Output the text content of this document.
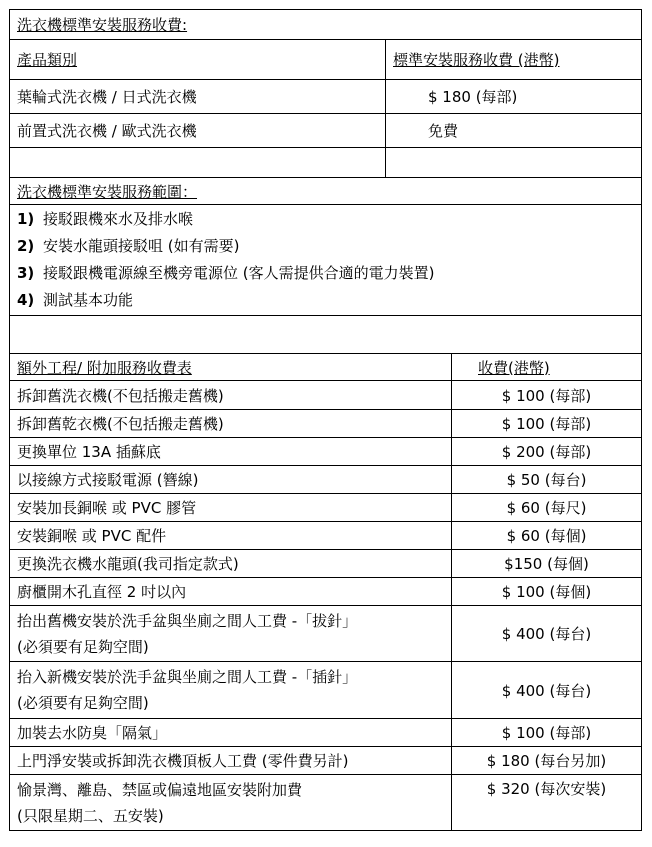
洗衣機標準安裝服務收費:	
產品類別	標準安裝服務收費 (港幣)
葉輪式洗衣機 / 日式洗衣機	$ 180 (每部)
前置式洗衣機 / 歐式洗衣機	免費

洗衣機標準安裝服務範圍：	

1) 接駁跟機來水及排水喉
2) 安裝水龍頭接駁咀 (如有需要)
3) 接駁跟機電源線至機旁電源位 (客人需提供合適的電力裝置)
4) 測試基本功能	

額外工程/ 附加服務收費表	收費(港幣)
拆卸舊洗衣機(不包括搬走舊機)	$ 100 (每部)
拆卸舊乾衣機(不包括搬走舊機)	$ 100 (每部)
更換單位 13A 插蘇底	$ 200 (每部)
以接線方式接駁電源 (簪線)	$ 50 (每台)
安裝加長銅喉 或 PVC 膠管	$ 60 (每尺)
安裝銅喉 或 PVC 配件	$ 60 (每個)
更換洗衣機水龍頭(我司指定款式)	$150 (每個)
廚櫃開木孔直徑 2 吋以內	$ 100 (每個)

抬出舊機安裝於洗手盆與坐廁之間人工費 -「拔針」
(必須要有足夠空間)	$ 400 (每台)

抬入新機安裝於洗手盆與坐廁之間人工費 -「插針」
(必須要有足夠空間)	$ 400 (每台)
加裝去水防臭「隔氣」	$ 100 (每部)
上門淨安裝或拆卸洗衣機頂板人工費 (零件費另計)	$ 180 (每台另加)

愉景灣、離島、禁區或偏遠地區安裝附加費
(只限星期二、五安裝)	$ 320 (每次安裝)
